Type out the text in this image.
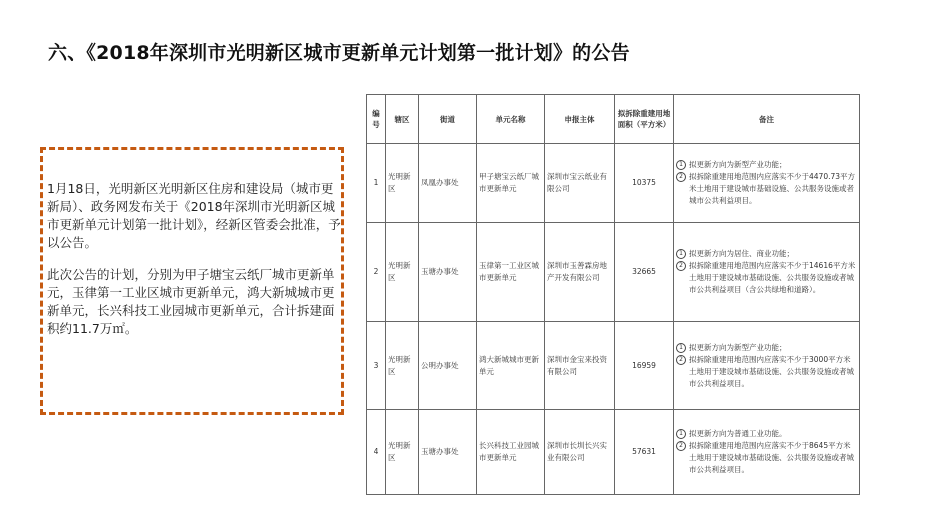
六、《2018年深圳市光明新区城市更新单元计划第一批计划》的公告

1月18日，光明新区光明新区住房和建设局（城市更新局）、政务网发布关于《2018年深圳市光明新区城市更新单元计划第一批计划》，经新区管委会批准，予以公告。

此次公告的计划，分别为甲子塘宝云纸厂城市更新单元，玉律第一工业区城市更新单元，鸿大新城城市更新单元，长兴科技工业园城市更新单元，合计拆建面积约11.7万㎡。

编号	辖区	街道	单元名称	申报主体	拟拆除重建用地面积（平方米）	备注
1	光明新区	凤凰办事处	甲子塘宝云纸厂城市更新单元	深圳市宝云纸业有限公司	10375	1 拟更新方向为新型产业功能；
2 拟拆除重建用地范围内应落实不少于4470.73平方米土地用于建设城市基础设施、公共服务设施或者城市公共利益项目。

2	光明新区	玉塘办事处	玉律第一工业区城市更新单元	深圳市玉善霖房地产开发有限公司	32665	1 拟更新方向为居住、商业功能；
2 拟拆除重建用地范围内应落实不少于14616平方米土地用于建设城市基础设施、公共服务设施或者城市公共利益项目（含公共绿地和道路）。

3	光明新区	公明办事处	鸿大新城城市更新单元	深圳市金宝来投资有限公司	16959	1 拟更新方向为新型产业功能；
2 拟拆除重建用地范围内应落实不少于3000平方米土地用于建设城市基础设施、公共服务设施或者城市公共利益项目。

4	光明新区	玉塘办事处	长兴科技工业园城市更新单元	深圳市长圳长兴实业有限公司	57631	1 拟更新方向为普通工业功能。
2 拟拆除重建用地范围内应落实不少于8645平方米土地用于建设城市基础设施、公共服务设施或者城市公共利益项目。
